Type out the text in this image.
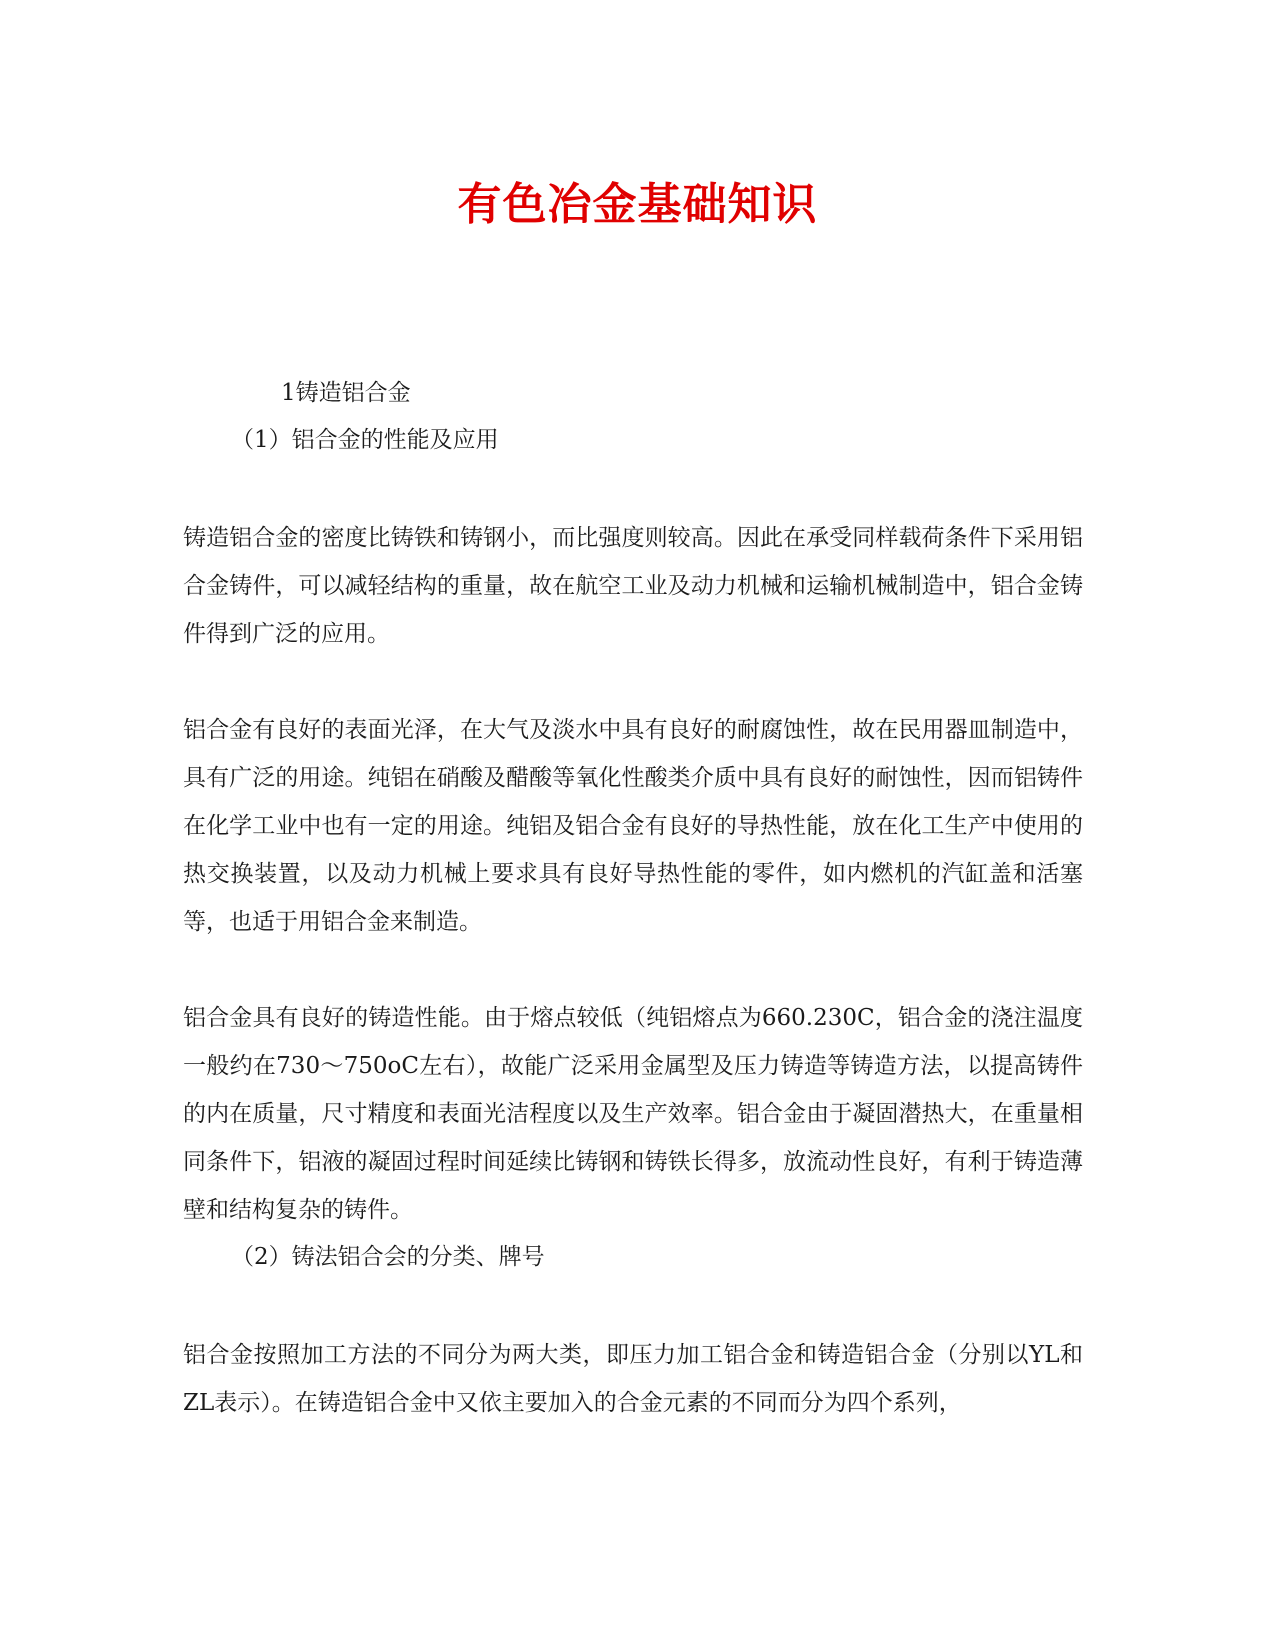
有色冶金基础知识
1铸造铝合金
（1）铝合金的性能及应用

铸造铝合金的密度比铸铁和铸钢小，而比强度则较高。因此在承受同样载荷条件下采用铝合金铸件，可以减轻结构的重量，故在航空工业及动力机械和运输机械制造中，铝合金铸件得到广泛的应用。

铝合金有良好的表面光泽，在大气及淡水中具有良好的耐腐蚀性，故在民用器皿制造中，具有广泛的用途。纯铝在硝酸及醋酸等氧化性酸类介质中具有良好的耐蚀性，因而铝铸件在化学工业中也有一定的用途。纯铝及铝合金有良好的导热性能，放在化工生产中使用的热交换装置，以及动力机械上要求具有良好导热性能的零件，如内燃机的汽缸盖和活塞等，也适于用铝合金来制造。

铝合金具有良好的铸造性能。由于熔点较低（纯铝熔点为660.230C，铝合金的浇注温度一般约在730～750oC左右），故能广泛采用金属型及压力铸造等铸造方法，以提高铸件的内在质量，尺寸精度和表面光洁程度以及生产效率。铝合金由于凝固潜热大，在重量相同条件下，铝液的凝固过程时间延续比铸钢和铸铁长得多，放流动性良好，有利于铸造薄壁和结构复杂的铸件。

（2）铸法铝合会的分类、牌号

铝合金按照加工方法的不同分为两大类，即压力加工铝合金和铸造铝合金（分别以YL和ZL表示）。在铸造铝合金中又依主要加入的合金元素的不同而分为四个系列，
